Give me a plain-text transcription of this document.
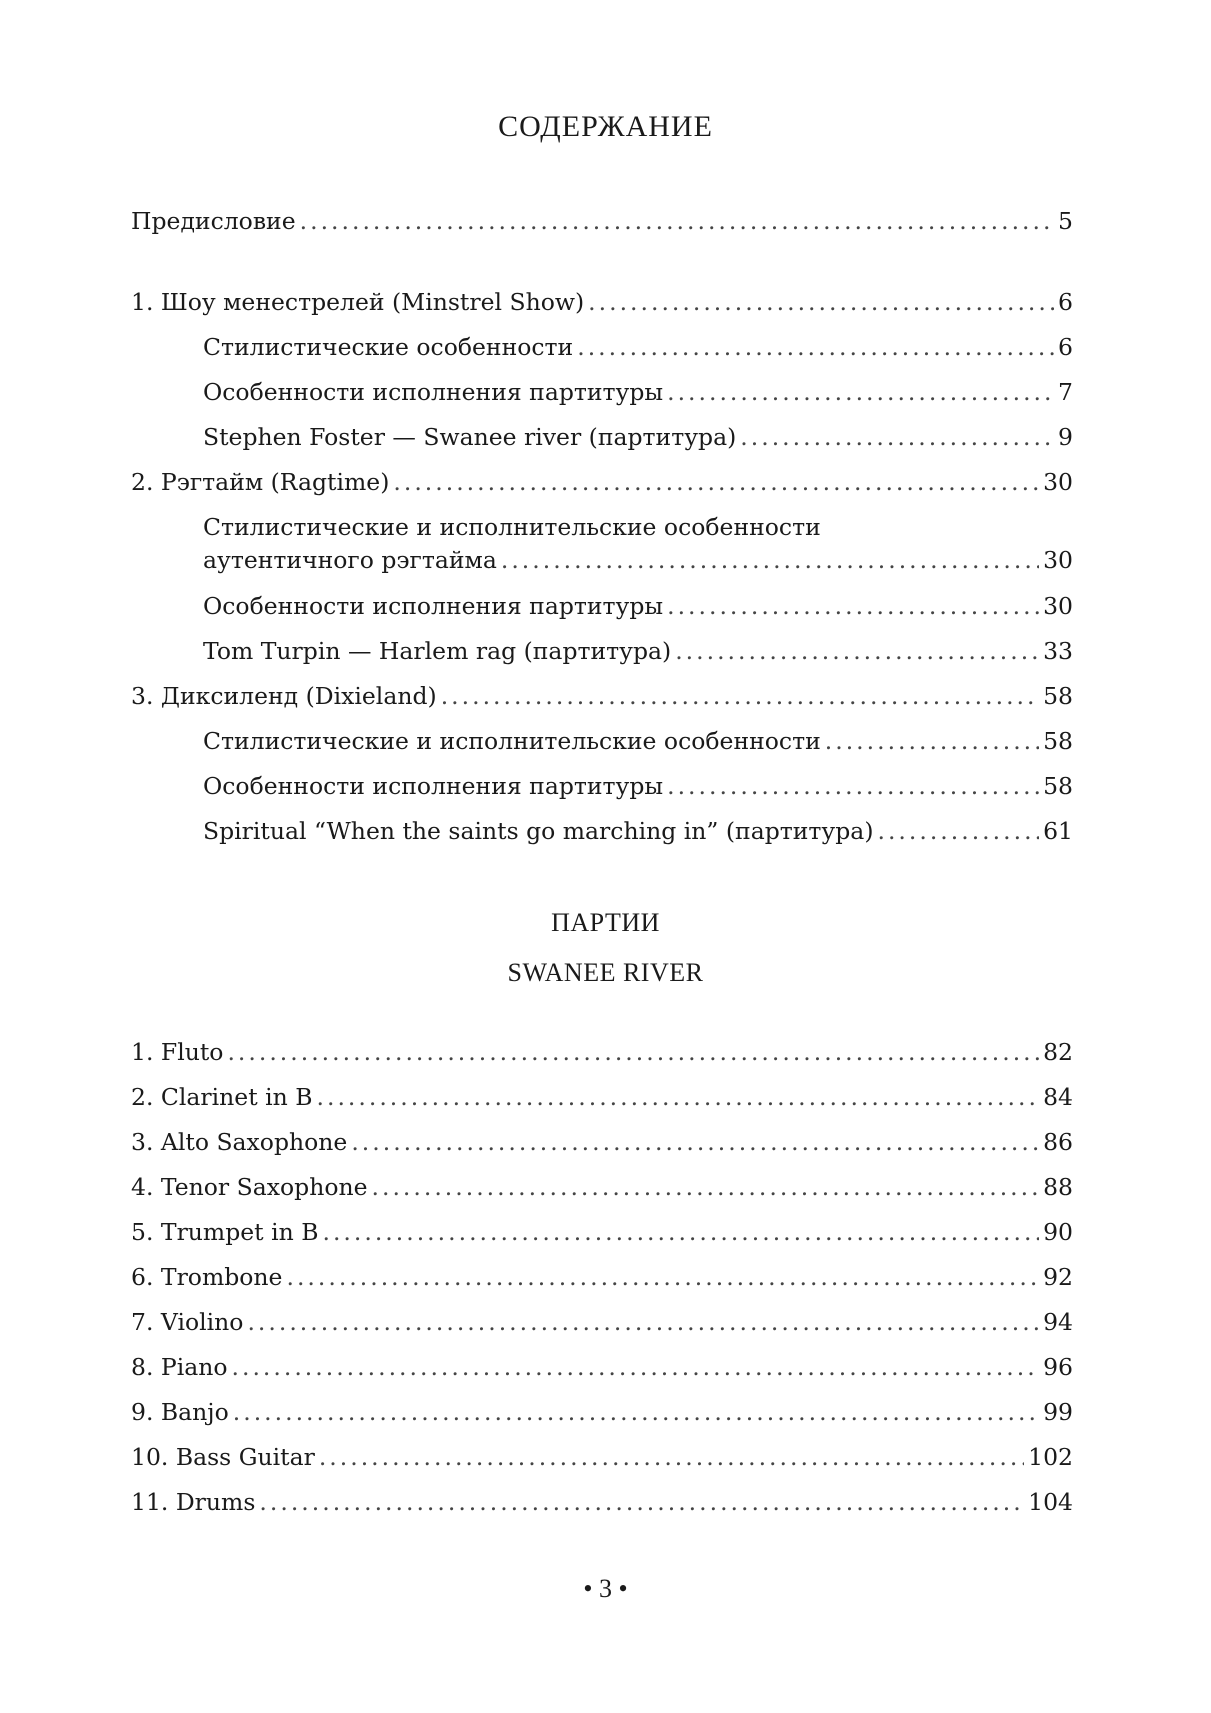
СОДЕРЖАНИЕ
Предисловие .....	5
1. Шоу менестрелей (Minstrel Show) .....	6
Стилистические особенности .....	6
Особенности исполнения партитуры .....	7
Stephen Foster — Swanee river (партитура) .....	9
2. Рэгтайм (Ragtime) .....	30
Стилистические и исполнительские особенности
аутентичного рэгтайма .....	30
Особенности исполнения партитуры .....	30
Tom Turpin — Harlem rag (партитура) .....	33
3. Диксиленд (Dixieland) .....	58
Стилистические и исполнительские особенности .....	58
Особенности исполнения партитуры .....	58
Spiritual “When the saints go marching in” (партитура) .....	61
ПАРТИИ
SWANEE RIVER
1. Fluto .....	82
2. Clarinet in B .....	84
3. Alto Saxophone .....	86
4. Tenor Saxophone .....	88
5. Trumpet in B .....	90
6. Trombone .....	92
7. Violino .....	94
8. Piano .....	96
9. Banjo .....	99
10. Bass Guitar .....	102
11. Drums .....	104
• 3 •
